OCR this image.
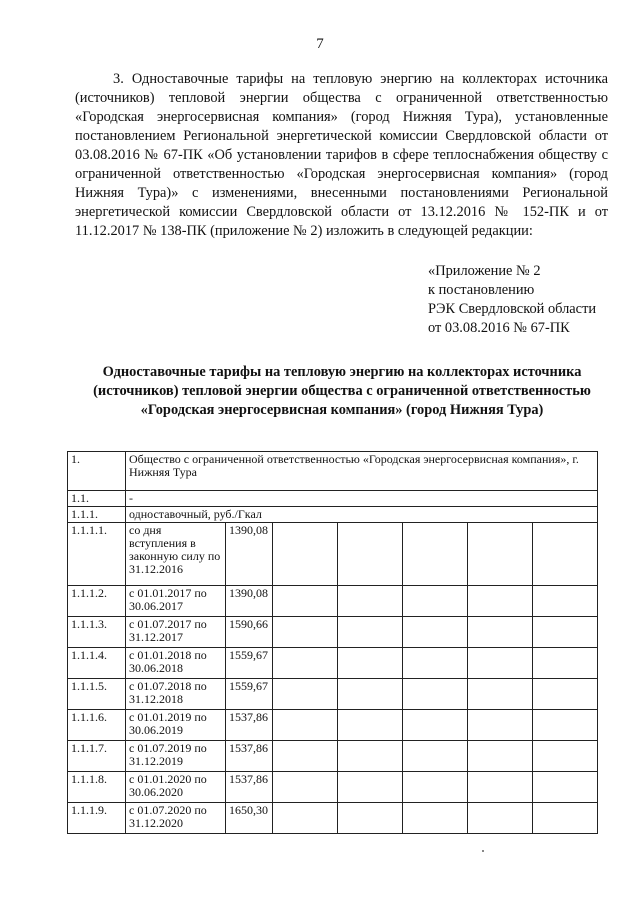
7

3. Одноставочные тарифы на тепловую энергию на коллекторах источника (источников) тепловой энергии общества с ограниченной ответственностью «Городская энергосервисная компания» (город Нижняя Тура), установленные постановлением Региональной энергетической комиссии Свердловской области от 03.08.2016 № 67-ПК «Об установлении тарифов в сфере теплоснабжения обществу с ограниченной ответственностью «Городская энергосервисная компания» (город Нижняя Тура)» с изменениями, внесенными постановлениями Региональной энергетической комиссии Свердловской области от 13.12.2016 № 152-ПК и от 11.12.2017 № 138-ПК (приложение № 2) изложить в следующей редакции:

«Приложение № 2
к постановлению
РЭК Свердловской области
от 03.08.2016 № 67-ПК

Одноставочные тарифы на тепловую энергию на коллекторах источника (источников) тепловой энергии общества с ограниченной ответственностью «Городская энергосервисная компания» (город Нижняя Тура)

1.	Общество с ограниченной ответственностью «Городская энергосервисная компания», г. Нижняя Тура						
1.1.	-						
1.1.1.	одноставочный, руб./Гкал						
1.1.1.1.	со дня вступления в законную силу по 31.12.2016	1390,08					
1.1.1.2.	с 01.01.2017 по 30.06.2017	1390,08					
1.1.1.3.	с 01.07.2017 по 31.12.2017	1590,66					
1.1.1.4.	с 01.01.2018 по 30.06.2018	1559,67					
1.1.1.5.	с 01.07.2018 по 31.12.2018	1559,67					
1.1.1.6.	с 01.01.2019 по 30.06.2019	1537,86					
1.1.1.7.	с 01.07.2019 по 31.12.2019	1537,86					
1.1.1.8.	с 01.01.2020 по 30.06.2020	1537,86					
1.1.1.9.	с 01.07.2020 по 31.12.2020	1650,30					
